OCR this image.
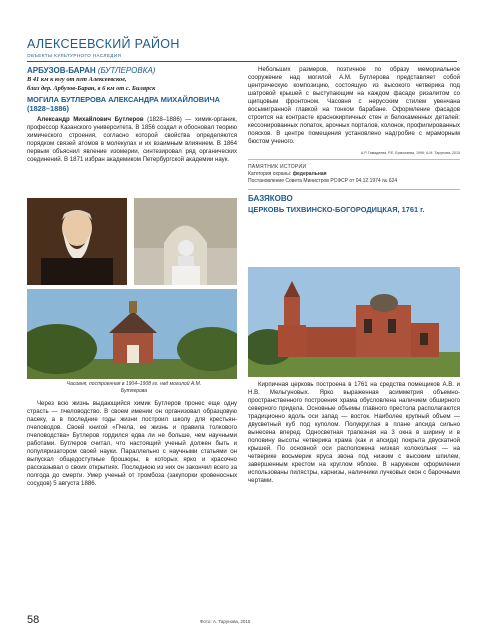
АЛЕКСЕЕВСКИЙ РАЙОН
ОБЪЕКТЫ КУЛЬТУРНОГО НАСЛЕДИЯ
АРБУЗОВ-БАРАН (БУТЛЕРОВКА)
В 41 км к югу от пгт Алексеевское,
близ дер. Арбузов-Баран, в 6 км от с. Билярск
МОГИЛА БУТЛЕРОВА АЛЕКСАНДРА МИХАЙЛОВИЧА (1828–1886)

Александр Михайлович Бутлеров (1828–1886) — химик-органик, профессор Казанского университета. В 1856 создал и обосновал теорию химического строения, согласно которой свойства определяются порядком связей атомов в молекулах и их взаимным влиянием. В 1864 первым объяснил явление изомерии, синтезировал ряд органических соединений. В 1871 избран академиком Петербургской академии наук.

Часовня, построенная в 1904–1908 гг. над могилой А.М. Бутлерова

Через всю жизнь выдающийся химик Бутлеров пронес еще одну страсть — пчеловодство. В своем имении он организовал образцовую пасеку, а в последние годы жизни построил школу для крестьян-пчеловодов. Своей книгой «Пчела, ее жизнь и правила толкового пчеловодства» Бутлеров гордился едва ли не больше, чем научными работами. Бутлеров считал, что настоящий ученый должен быть и популяризатором своей науки. Параллельно с научными статьями он выпускал общедоступные брошюры, в которых ярко и красочно рассказывал о своих открытиях. Последнюю из них он закончил всего за полгода до смерти. Умер ученый от тромбоза (закупорки кровеносных сосудов) 5 августа 1886.

Небольших размеров, поэтичное по образу мемориальное сооружение над могилой А.М. Бутлерова представляет собой центрическую композицию, состоящую из высокого четверика под шатровой крышей с выступающим на каждом фасаде ризалитом со щипцовым фронтоном. Часовня с нерусским стилем увенчана восьмигранной главкой на тонком барабане. Оформление фасадов строится на контрасте краснокирпичных стен и белокаменных деталей: кессонированных лопаток, арочных порталов, колонок, профилированных поясков. В центре помещения установлено надгробие с мраморным бюстом ученого.

А.Р. Гимадеева, Р.Е. Ермолаева, 1996; А.М. Тарунова, 2015
ПАМЯТНИК ИСТОРИИ
Категория охраны: федеральная
Постановление Совета Министров РСФСР от 04.12.1974 № 624
БАЗЯКОВО
ЦЕРКОВЬ ТИХВИНСКО-БОГОРОДИЦКАЯ, 1761 г.

Кирпичная церковь построена в 1761 на средства помещиков А.В. и Н.В. Мельгуновых. Ярко выраженная асимметрия объемно-пространственного построения храма обусловлена наличием обширного северного придела. Основные объемы главного престола располагаются традиционно вдоль оси запад — восток. Наиболее крупный объем — двусветный куб под куполом. Полукруглая в плане апсида сильно вынесена вперед. Односветная трапезная на 3 окна в ширину и в половину высоты четверика храма (как и апсида) покрыта двускатной крышей. По основной оси расположена низкая колокольня — на четверике восьмерик яруса звона под низким с высоким шпилем, завершенным крестом на круглом яблоке. В наружном оформлении использованы пилястры, карнизы, наличники лучковых окон с барочными чертами.

58	Фото: А. Тарунова, 2015
